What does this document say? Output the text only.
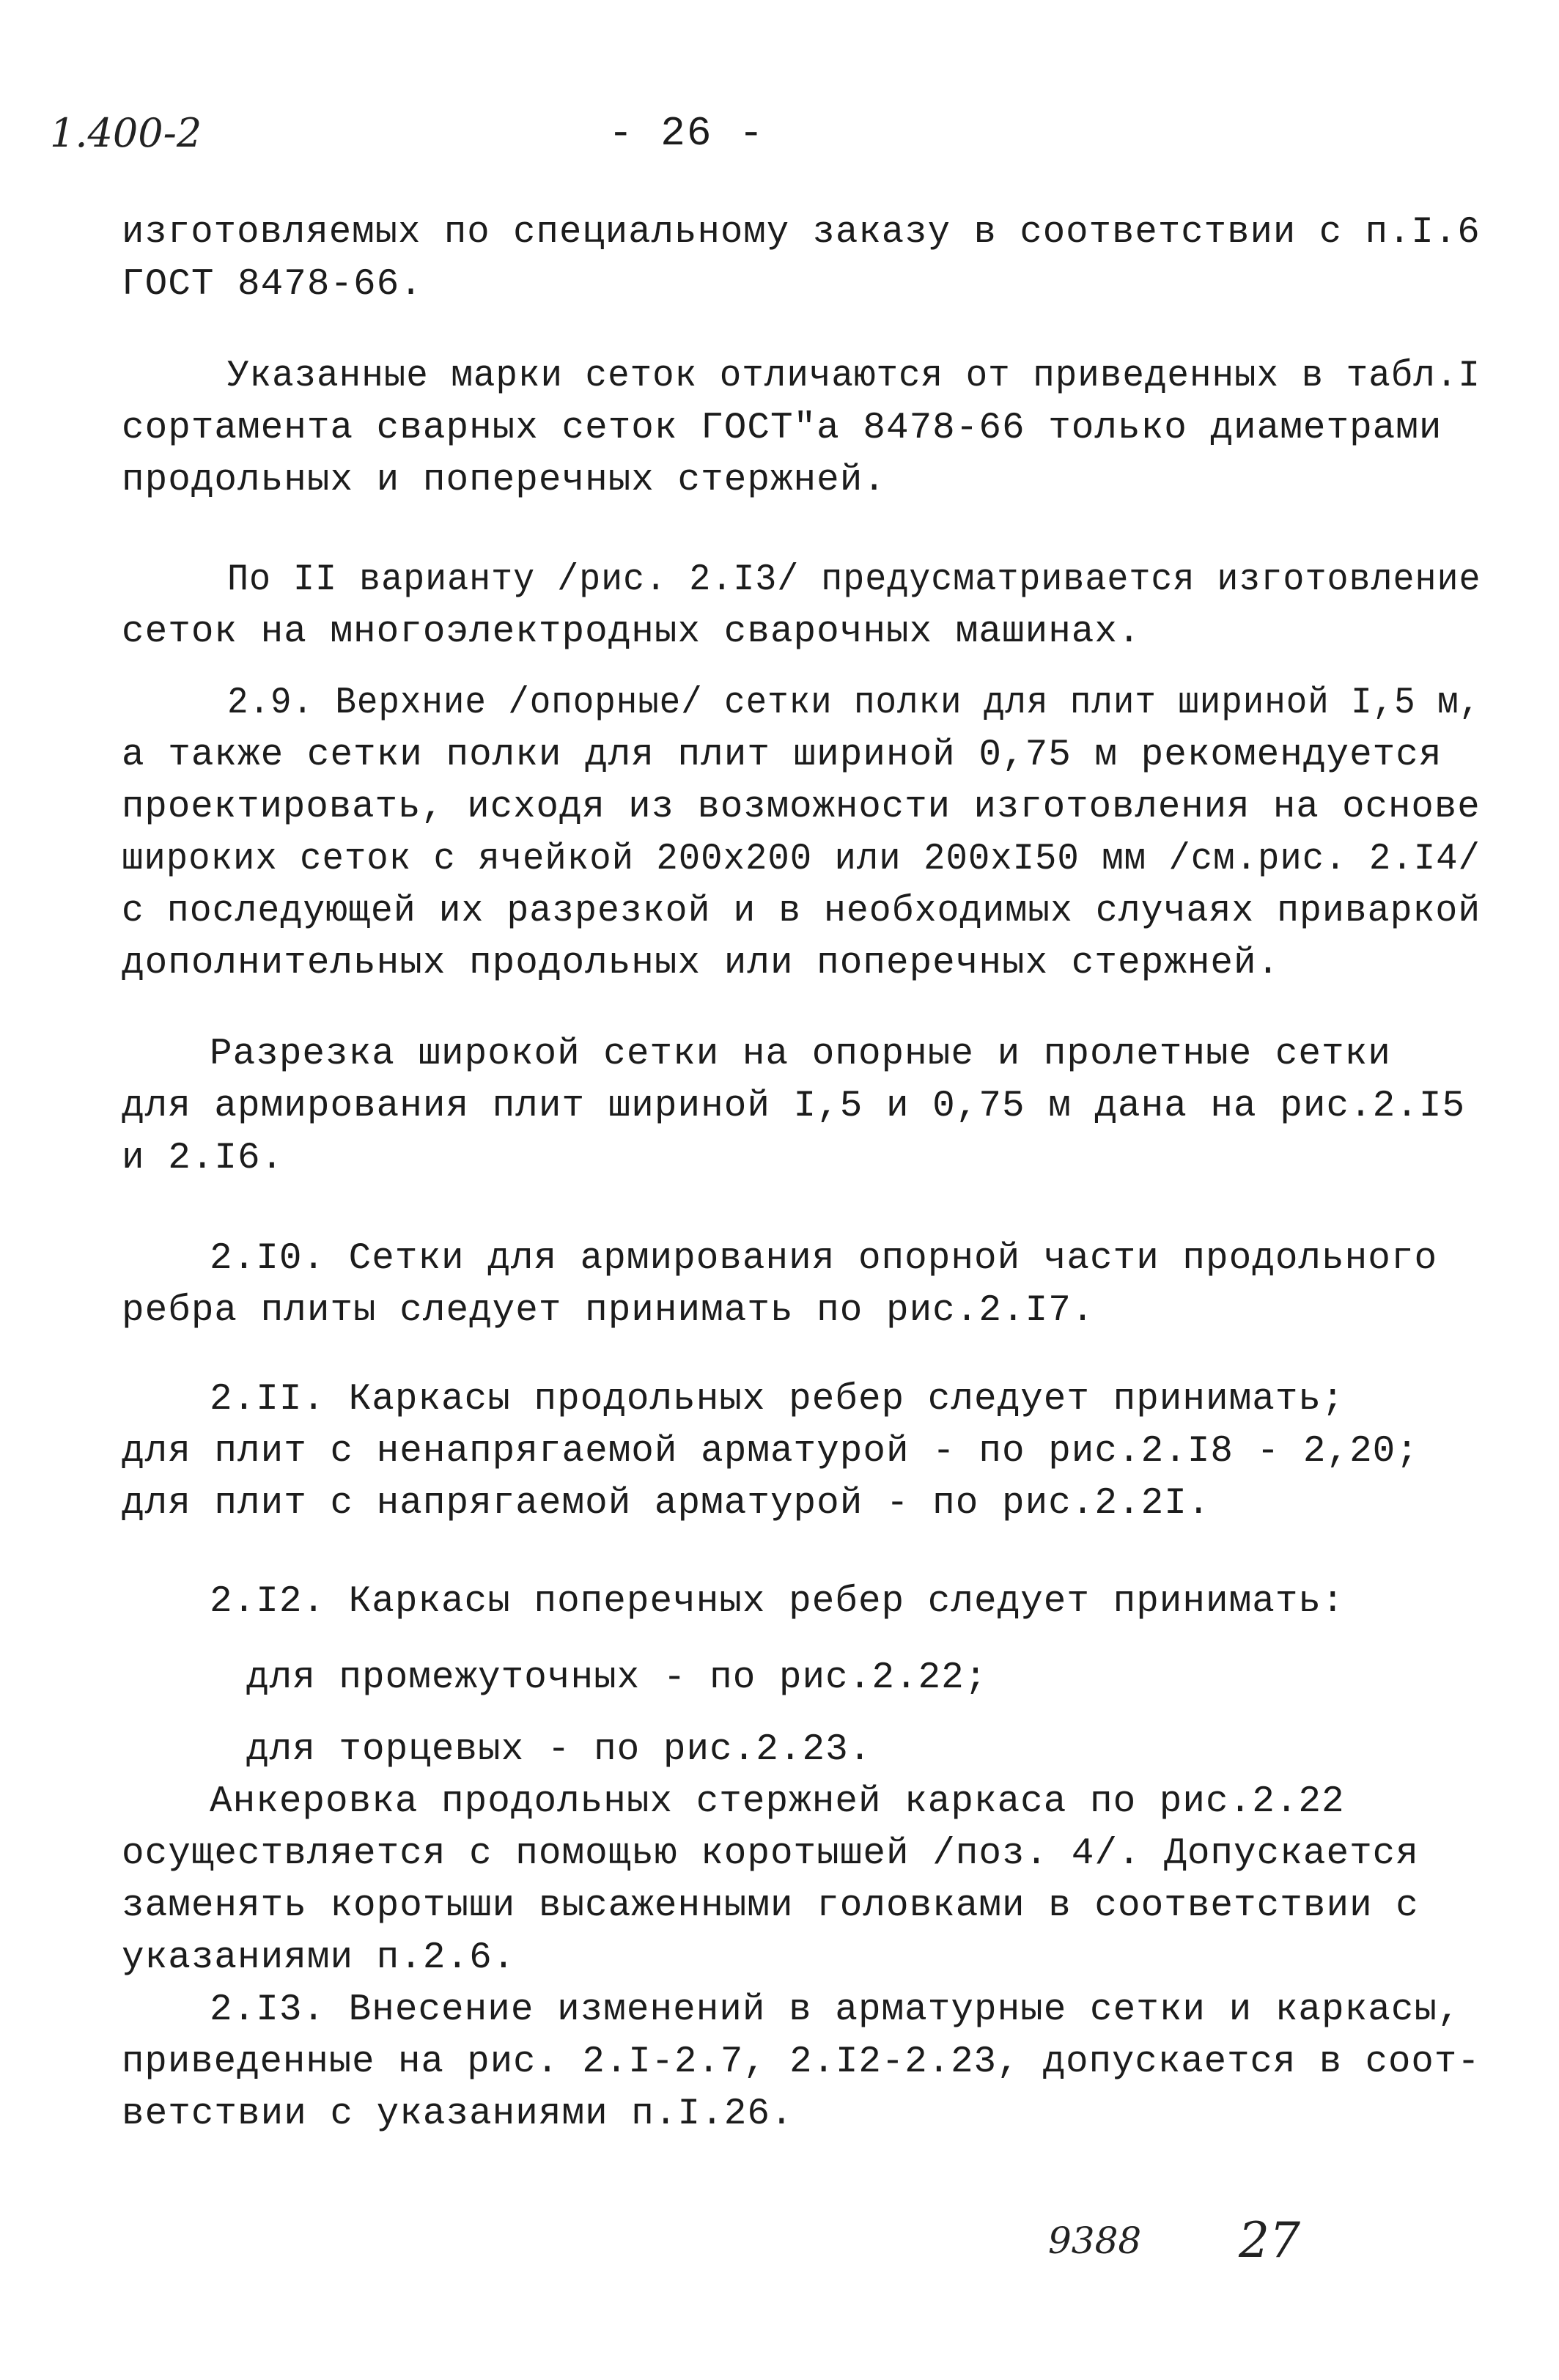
1.400-2	- 26 -
изготовляемых по специальному заказу в соответствии с п.I.6
ГОСТ 8478-66.
Указанные марки сеток отличаются от приведенных в табл.I
сортамента сварных сеток ГОСТ"а 8478-66 только диаметрами
продольных и поперечных стержней.
По II варианту /рис. 2.I3/ предусматривается изготовление
сеток на многоэлектродных сварочных машинах.
2.9. Верхние /опорные/ сетки полки для плит шириной I,5 м,
а также сетки полки для плит шириной 0,75 м рекомендуется
проектировать, исходя из возможности изготовления на основе
широких сеток с ячейкой 200х200 или 200хI50 мм /см.рис. 2.I4/
с последующей их разрезкой и в необходимых случаях приваркой
дополнительных продольных или поперечных стержней.
Разрезка широкой сетки на опорные и пролетные сетки
для армирования плит шириной I,5 и 0,75 м дана на рис.2.I5
и 2.I6.
2.I0. Сетки для армирования опорной части продольного
ребра плиты следует принимать по рис.2.I7.
2.II. Каркасы продольных ребер следует принимать;
для плит с ненапрягаемой арматурой - по рис.2.I8 - 2,20;
для плит с напрягаемой арматурой - по рис.2.2I.
2.I2. Каркасы поперечных ребер следует принимать:
для промежуточных - по рис.2.22;
для торцевых - по рис.2.23.
Анкеровка продольных стержней каркаса по рис.2.22
осуществляется с помощью коротышей /поз. 4/. Допускается
заменять коротыши высаженными головками в соответствии с
указаниями п.2.6.
2.I3. Внесение изменений в арматурные сетки и каркасы,
приведенные на рис. 2.I-2.7, 2.I2-2.23, допускается в соот-
ветствии с указаниями п.I.26.
9388 27
